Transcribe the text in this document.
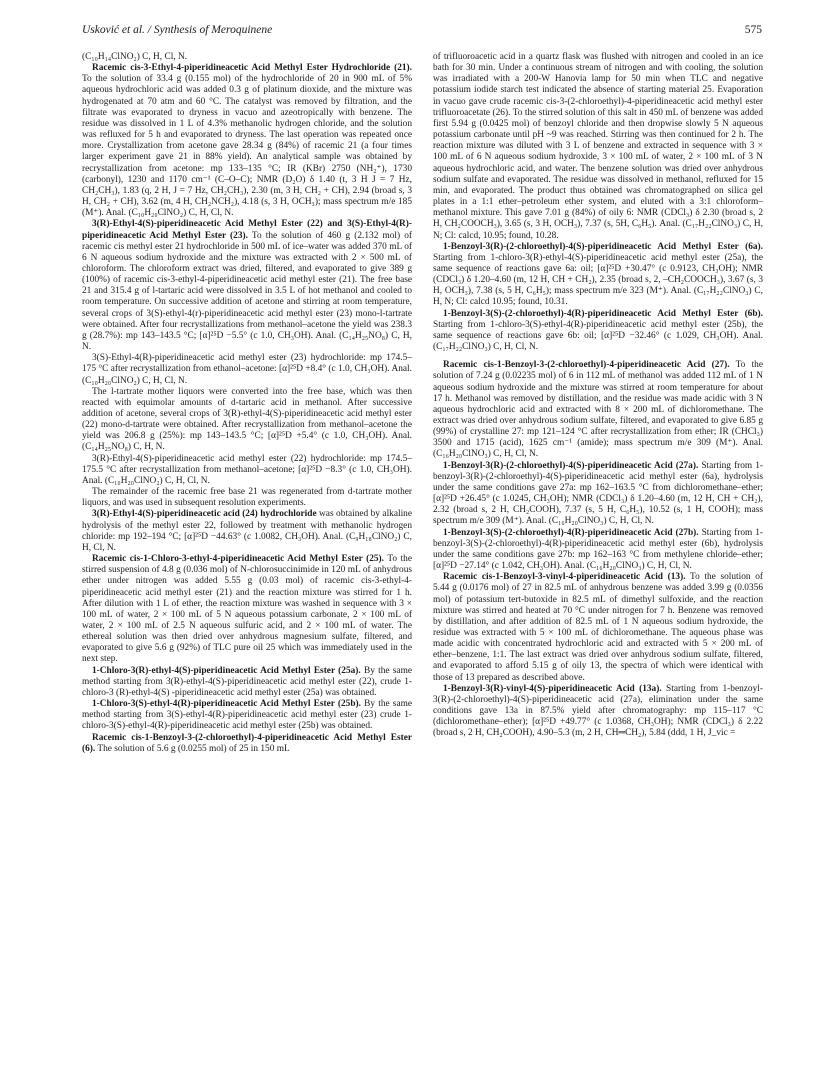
Usković et al. / Synthesis of Meroquinene	575

(C₁₀H₁₄ClNO₂) C, H, Cl, N.

Racemic cis-3-Ethyl-4-piperidineacetic Acid Methyl Ester Hydrochloride (21). To the solution of 33.4 g (0.155 mol) of the hydrochloride of 20 in 900 mL of 5% aqueous hydrochloric acid was added 0.3 g of platinum dioxide, and the mixture was hydrogenated at 70 atm and 60 °C. The catalyst was removed by filtration, and the filtrate was evaporated to dryness in vacuo and azeotropically with benzene. The residue was dissolved in 1 L of 4.3% methanolic hydrogen chloride, and the solution was refluxed for 5 h and evaporated to dryness. The last operation was repeated once more. Crystallization from acetone gave 28.34 g (84%) of racemic 21 (a four times larger experiment gave 21 in 88% yield). An analytical sample was obtained by recrystallization from acetone: mp 133–135 °C; IR (KBr) 2750 (NH₂⁺), 1730 (carbonyl), 1230 and 1170 cm⁻¹ (C–O–C); NMR (D₂O) δ 1.40 (t, 3 H J = 7 Hz, CH₂CH₃), 1.83 (q, 2 H, J = 7 Hz, CH₂CH₃), 2.30 (m, 3 H, CH₂ + CH), 2.94 (broad s, 3 H, CH₂ + CH), 3.62 (m, 4 H, CH₂NCH₂), 4.18 (s, 3 H, OCH₃); mass spectrum m/e 185 (M⁺). Anal. (C₁₀H₂₀ClNO₂) C, H, Cl, N.

3(R)-Ethyl-4(S)-piperidineacetic Acid Methyl Ester (22) and 3(S)-Ethyl-4(R)-piperidineacetic Acid Methyl Ester (23). To the solution of 460 g (2.132 mol) of racemic cis methyl ester 21 hydrochloride in 500 mL of ice–water was added 370 mL of 6 N aqueous sodium hydroxide and the mixture was extracted with 2 × 500 mL of chloroform. The chloroform extract was dried, filtered, and evaporated to give 389 g (100%) of racemic cis-3-ethyl-4-piperidineacetic acid methyl ester (21). The free base 21 and 315.4 g of l-tartaric acid were dissolved in 3.5 L of hot methanol and cooled to room temperature. On successive addition of acetone and stirring at room temperature, several crops of 3(S)-ethyl-4(r)-piperidineacetic acid methyl ester (23) mono-l-tartrate were obtained. After four recrystallizations from methanol–acetone the yield was 238.3 g (28.7%): mp 143–143.5 °C; [α]²⁵D −5.5° (c 1.0, CH₃OH). Anal. (C₁₄H₂₅NO₈) C, H, N.

3(S)-Ethyl-4(R)-piperidineacetic acid methyl ester (23) hydrochloride: mp 174.5–175 °C after recrystallization from ethanol–acetone: [α]²⁵D +8.4° (c 1.0, CH₃OH). Anal. (C₁₀H₂₀ClNO₂) C, H, Cl, N.

The l-tartrate mother liquors were converted into the free base, which was then reacted with equimolar amounts of d-tartaric acid in methanol. After successive addition of acetone, several crops of 3(R)-ethyl-4(S)-piperidineacetic acid methyl ester (22) mono-d-tartrate were obtained. After recrystallization from methanol–acetone the yield was 206.8 g (25%): mp 143–143.5 °C; [α]²⁵D +5.4° (c 1.0, CH₃OH). Anal. (C₁₄H₂₅NO₈) C, H, N.

3(R)-Ethyl-4(S)-piperidineacetic acid methyl ester (22) hydrochloride: mp 174.5–175.5 °C after recrystallization from methanol–acetone; [α]²⁵D −8.3° (c 1.0, CH₃OH). Anal. (C₁₀H₂₀ClNO₂) C, H, Cl, N.

The remainder of the racemic free base 21 was regenerated from d-tartrate mother liquors, and was used in subsequent resolution experiments.

3(R)-Ethyl-4(S)-piperidineacetic acid (24) hydrochloride was obtained by alkaline hydrolysis of the methyl ester 22, followed by treatment with methanolic hydrogen chloride: mp 192–194 °C; [α]²⁵D −44.63° (c 1.0082, CH₃OH). Anal. (C₉H₁₈ClNO₂) C, H, Cl, N.

Racemic cis-1-Chloro-3-ethyl-4-piperidineacetic Acid Methyl Ester (25). To the stirred suspension of 4.8 g (0.036 mol) of N-chlorosuccinimide in 120 mL of anhydrous ether under nitrogen was added 5.55 g (0.03 mol) of racemic cis-3-ethyl-4-piperidineacetic acid methyl ester (21) and the reaction mixture was stirred for 1 h. After dilution with 1 L of ether, the reaction mixture was washed in sequence with 3 × 100 mL of water, 2 × 100 mL of 5 N aqueous potassium carbonate, 2 × 100 mL of water, 2 × 100 mL of 2.5 N aqueous sulfuric acid, and 2 × 100 mL of water. The ethereal solution was then dried over anhydrous magnesium sulfate, filtered, and evaporated to give 5.6 g (92%) of TLC pure oil 25 which was immediately used in the next step.

1-Chloro-3(R)-ethyl-4(S)-piperidineacetic Acid Methyl Ester (25a). By the same method starting from 3(R)-ethyl-4(S)-piperidineacetic acid methyl ester (22), crude 1-chloro-3 (R)-ethyl-4(S) -piperidineacetic acid methyl ester (25a) was obtained.

1-Chloro-3(S)-ethyl-4(R)-piperidineacetic Acid Methyl Ester (25b). By the same method starting from 3(S)-ethyl-4(R)-piperidineacetic acid methyl ester (23) crude 1-chloro-3(S)-ethyl-4(R)-piperidineacetic acid methyl ester (25b) was obtained.

Racemic cis-1-Benzoyl-3-(2-chloroethyl)-4-piperidineacetic Acid Methyl Ester (6). The solution of 5.6 g (0.0255 mol) of 25 in 150 mL

of trifluoroacetic acid in a quartz flask was flushed with nitrogen and cooled in an ice bath for 30 min. Under a continuous stream of nitrogen and with cooling, the solution was irradiated with a 200-W Hanovia lamp for 50 min when TLC and negative potassium iodide starch test indicated the absence of starting material 25. Evaporation in vacuo gave crude racemic cis-3-(2-chloroethyl)-4-piperidineacetic acid methyl ester trifluoroacetate (26). To the stirred solution of this salt in 450 mL of benzene was added first 5.94 g (0.0425 mol) of benzoyl chloride and then dropwise slowly 5 N aqueous potassium carbonate until pH ~9 was reached. Stirring was then continued for 2 h. The reaction mixture was diluted with 3 L of benzene and extracted in sequence with 3 × 100 mL of 6 N aqueous sodium hydroxide, 3 × 100 mL of water, 2 × 100 mL of 3 N aqueous hydrochloric acid, and water. The benzene solution was dried over anhydrous sodium sulfate and evaporated. The residue was dissolved in methanol, refluxed for 15 min, and evaporated. The product thus obtained was chromatographed on silica gel plates in a 1:1 ether–petroleum ether system, and eluted with a 3:1 chloroform–methanol mixture. This gave 7.01 g (84%) of oily 6: NMR (CDCl₃) δ 2.30 (broad s, 2 H, CH₂COOCH₃), 3.65 (s, 3 H, OCH₃), 7.37 (s, 5H, C₆H₅). Anal. (C₁₇H₂₂ClNO₃) C, H, N; Cl: calcd, 10.95; found, 10.28.

1-Benzoyl-3(R)-(2-chloroethyl)-4(S)-piperidineacetic Acid Methyl Ester (6a). Starting from 1-chloro-3(R)-ethyl-4(S)-piperidineacetic acid methyl ester (25a), the same sequence of reactions gave 6a: oil; [α]²⁵D +30.47° (c 0.9123, CH₃OH); NMR (CDCl₃) δ 1.20–4.60 (m, 12 H, CH + CH₂), 2.35 (broad s, 2, –CH₂COOCH₃), 3.67 (s, 3 H, OCH₃), 7.38 (s, 5 H, C₆H₅); mass spectrum m/e 323 (M⁺). Anal. (C₁₇H₂₂ClNO₃) C, H, N; Cl: calcd 10.95; found, 10.31.

1-Benzoyl-3(S)-(2-chloroethyl)-4(R)-piperidineacetic Acid Methyl Ester (6b). Starting from 1-chloro-3(S)-ethyl-4(R)-piperidineacetic acid methyl ester (25b), the same sequence of reactions gave 6b: oil; [α]²⁵D −32.46° (c 1.029, CH₃OH). Anal. (C₁₇H₂₂ClNO₃) C, H, Cl, N.

Racemic cis-1-Benzoyl-3-(2-chloroethyl)-4-piperidineacetic Acid (27). To the solution of 7.24 g (0.02235 mol) of 6 in 112 mL of methanol was added 112 mL of 1 N aqueous sodium hydroxide and the mixture was stirred at room temperature for about 17 h. Methanol was removed by distillation, and the residue was made acidic with 3 N aqueous hydrochloric acid and extracted with 8 × 200 mL of dichloromethane. The extract was dried over anhydrous sodium sulfate, filtered, and evaporated to give 6.85 g (99%) of crystalline 27: mp 121–124 °C after recrystallization from ether; IR (CHCl₃) 3500 and 1715 (acid), 1625 cm⁻¹ (amide); mass spectrum m/e 309 (M⁺). Anal. (C₁₆H₂₀ClNO₃) C, H, Cl, N.

1-Benzoyl-3(R)-(2-chloroethyl)-4(S)-piperidineacetic Acid (27a). Starting from 1-benzoyl-3(R)-(2-chloroethyl)-4(S)-piperidineacetic acid methyl ester (6a), hydrolysis under the same conditions gave 27a: mp 162–163.5 °C from dichloromethane–ether; [α]²⁵D +26.45° (c 1.0245, CH₃OH); NMR (CDCl₃) δ 1.20–4.60 (m, 12 H, CH + CH₂), 2.32 (broad s, 2 H, CH₂COOH), 7.37 (s, 5 H, C₆H₅), 10.52 (s, 1 H, COOH); mass spectrum m/e 309 (M⁺). Anal. (C₁₆H₂₀ClNO₃) C, H, Cl, N.

1-Benzoyl-3(S)-(2-chloroethyl)-4(R)-piperidineacetic Acid (27b). Starting from 1-benzoyl-3(S)-(2-chloroethyl)-4(R)-piperidineacetic acid methyl ester (6b), hydrolysis under the same conditions gave 27b: mp 162–163 °C from methylene chloride–ether; [α]²⁵D −27.14° (c 1.042, CH₃OH). Anal. (C₁₆H₂₀ClNO₃) C, H, Cl, N.

Racemic cis-1-Benzoyl-3-vinyl-4-piperidineacetic Acid (13). To the solution of 5.44 g (0.0176 mol) of 27 in 82.5 mL of anhydrous benzene was added 3.99 g (0.0356 mol) of potassium tert-butoxide in 82.5 mL of dimethyl sulfoxide, and the reaction mixture was stirred and heated at 70 °C under nitrogen for 7 h. Benzene was removed by distillation, and after addition of 82.5 mL of 1 N aqueous sodium hydroxide, the residue was extracted with 5 × 100 mL of dichloromethane. The aqueous phase was made acidic with concentrated hydrochloric acid and extracted with 5 × 200 mL of ether–benzene, 1:1. The last extract was dried over anhydrous sodium sulfate, filtered, and evaporated to afford 5.15 g of oily 13, the spectra of which were identical with those of 13 prepared as described above.

1-Benzoyl-3(R)-vinyl-4(S)-piperidineacetic Acid (13a). Starting from 1-benzoyl-3(R)-(2-chloroethyl)-4(S)-piperidineacetic acid (27a), elimination under the same conditions gave 13a in 87.5% yield after chromatography: mp 115–117 °C (dichloromethane–ether); [α]²⁵D +49.77° (c 1.0368, CH₃OH); NMR (CDCl₃) δ 2.22 (broad s, 2 H, CH₂COOH), 4.90–5.3 (m, 2 H, CH═CH₂), 5.84 (ddd, 1 H, J_vic =
